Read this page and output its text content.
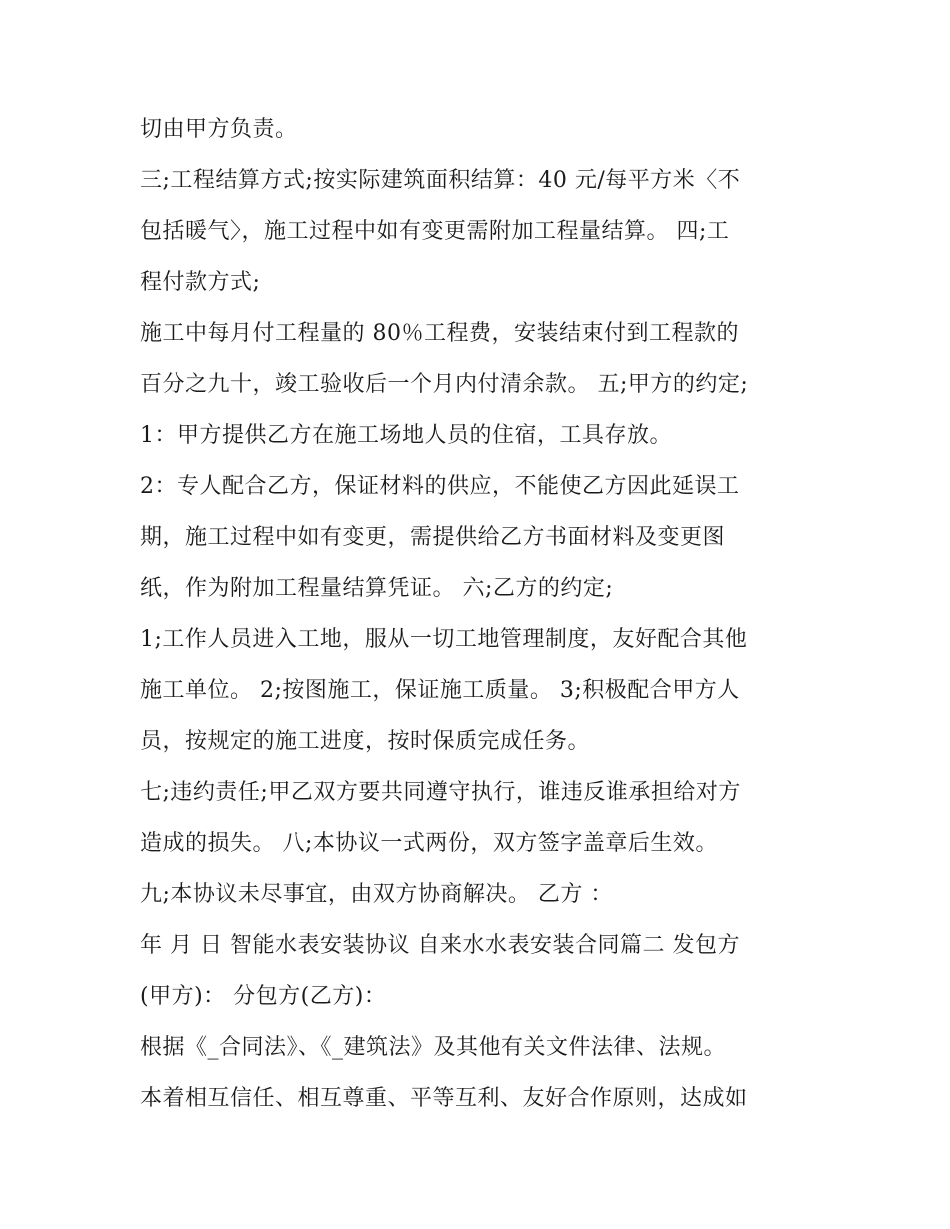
切由甲方负责。
三;工程结算方式;按实际建筑面积结算：40 元/每平方米〈不
包括暖气〉，施工过程中如有变更需附加工程量结算。 四;工
程付款方式;
施工中每月付工程量的 80％工程费，安装结束付到工程款的
百分之九十，竣工验收后一个月内付清余款。 五;甲方的约定;
1：甲方提供乙方在施工场地人员的住宿，工具存放。
2：专人配合乙方，保证材料的供应，不能使乙方因此延误工
期，施工过程中如有变更，需提供给乙方书面材料及变更图
纸，作为附加工程量结算凭证。 六;乙方的约定;
1;工作人员进入工地，服从一切工地管理制度，友好配合其他
施工单位。 2;按图施工，保证施工质量。 3;积极配合甲方人
员，按规定的施工进度，按时保质完成任务。
七;违约责任;甲乙双方要共同遵守执行，谁违反谁承担给对方
造成的损失。 八;本协议一式两份，双方签字盖章后生效。
九;本协议未尽事宜，由双方协商解决。 乙方 ：
年 月 日 智能水表安装协议 自来水水表安装合同篇二 发包方
(甲方)： 分包方(乙方)：
根据《_合同法》、《_建筑法》及其他有关文件法律、法规。
本着相互信任、相互尊重、平等互利、友好合作原则，达成如
